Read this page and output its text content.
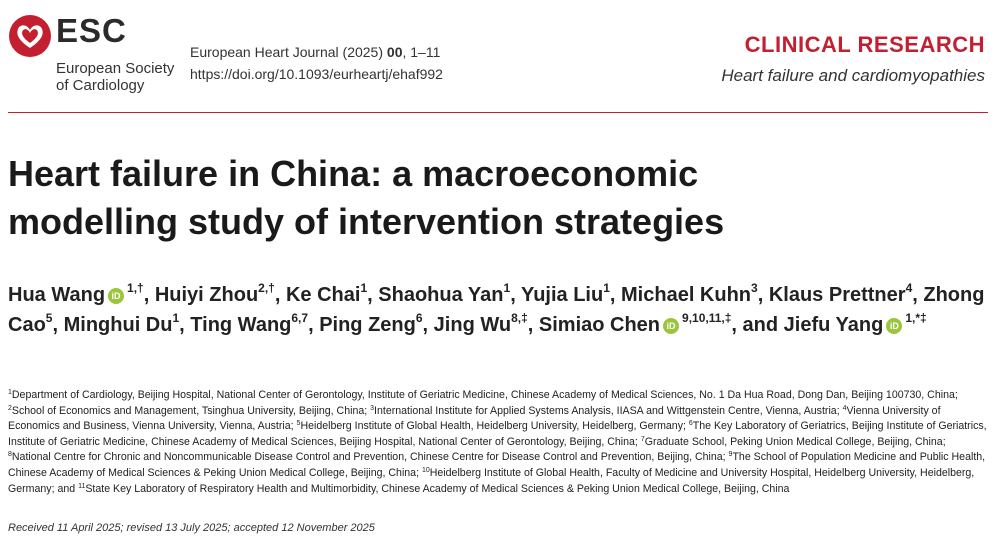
ESC
European Society
of Cardiology
European Heart Journal (2025) 00, 1–11
https://doi.org/10.1093/eurheartj/ehaf992
CLINICAL RESEARCH
Heart failure and cardiomyopathies
Heart failure in China: a macroeconomic
modelling study of intervention strategies
Hua Wang $iD^{1,\dagger}$, Huiyi Zhou$^{2,\dagger}$, Ke Chai$^1$, Shaohua Yan$^1$, Yujia Liu$^1$, Michael Kuhn$^3$, Klaus Prettner$^4$, Zhong Cao$^5$, Minghui Du$^1$, Ting Wang$^{6,7}$, Ping Zeng$^6$, Jing $Wu^{8,\ddagger}$, Simiao Chen $iD^{9,10,11,\ddagger}$, and Jiefu Yang $iD^{1,*\ddagger}$
$^1$Department of Cardiology, Beijing Hospital, National Center of Gerontology, Institute of Geriatric Medicine, Chinese Academy of Medical Sciences, No. 1 Da Hua Road, Dong Dan, Beijing 100730, China; $^2$School of Economics and Management, Tsinghua University, Beijing, China; $^3$International Institute for Applied Systems Analysis, IIASA and Wittgenstein Centre, Vienna, Austria; $^4$Vienna University of Economics and Business, Vienna University, Vienna, Austria; $^5$Heidelberg Institute of Global Health, Heidelberg University, Heidelberg, Germany; $^6$The Key Laboratory of Geriatrics, Beijing Institute of Geriatrics, Institute of Geriatric Medicine, Chinese Academy of Medical Sciences, Beijing Hospital, National Center of Gerontology, Beijing, China; $^7$Graduate School, Peking Union Medical College, Beijing, China; $^8$National Centre for Chronic and Noncommunicable Disease Control and Prevention, Chinese Centre for Disease Control and Prevention, Beijing, China; $^9$The School of Population Medicine and Public Health, Chinese Academy of Medical Sciences & Peking Union Medical College, Beijing, China; $^{10}$Heidelberg Institute of Global Health, Faculty of Medicine and University Hospital, Heidelberg University, Heidelberg, Germany; and $^{11}$State Key Laboratory of Respiratory Health and Multimorbidity, Chinese Academy of Medical Sciences & Peking Union Medical College, Beijing, China
Received 11 April 2025; revised 13 July 2025; accepted 12 November 2025
